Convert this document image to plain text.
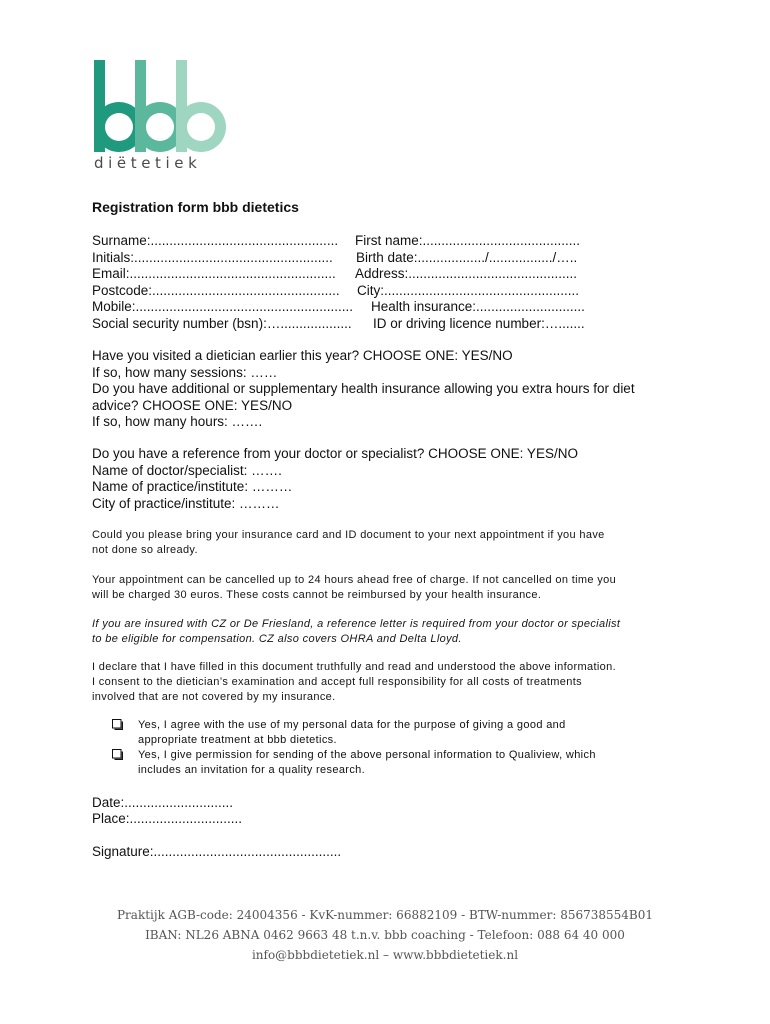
diëtetiek
Registration form bbb dietetics
Surname:.................................................. First name:..........................................
Initials:..................................................... Birth date:................../................./…..
Email:....................................................... Address:.............................................
Postcode:.................................................. City:....................................................
Mobile:.......................................................... Health insurance:.............................
Social security number (bsn):…................... ID or driving licence number:….......
Have you visited a dietician earlier this year? CHOOSE ONE: YES/NO
If so, how many sessions: ……
Do you have additional or supplementary health insurance allowing you extra hours for diet
advice? CHOOSE ONE: YES/NO
If so, how many hours: …….
Do you have a reference from your doctor or specialist? CHOOSE ONE: YES/NO
Name of doctor/specialist: …….
Name of practice/institute: ………
City of practice/institute: ………
Could you please bring your insurance card and ID document to your next appointment if you have
not done so already.
Your appointment can be cancelled up to 24 hours ahead free of charge. If not cancelled on time you
will be charged 30 euros. These costs cannot be reimbursed by your health insurance.
If you are insured with CZ or De Friesland, a reference letter is required from your doctor or specialist
to be eligible for compensation. CZ also covers OHRA and Delta Lloyd.
I declare that I have filled in this document truthfully and read and understood the above information.
I consent to the dietician’s examination and accept full responsibility for all costs of treatments
involved that are not covered by my insurance.
Yes, I agree with the use of my personal data for the purpose of giving a good and
appropriate treatment at bbb dietetics.
Yes, I give permission for sending of the above personal information to Qualiview, which
includes an invitation for a quality research.
Date:.............................
Place:..............................
Signature:..................................................
Praktijk AGB-code: 24004356 - KvK-nummer: 66882109 - BTW-nummer: 856738554B01
IBAN: NL26 ABNA 0462 9663 48 t.n.v. bbb coaching - Telefoon: 088 64 40 000
info@bbbdietetiek.nl – www.bbbdietetiek.nl
